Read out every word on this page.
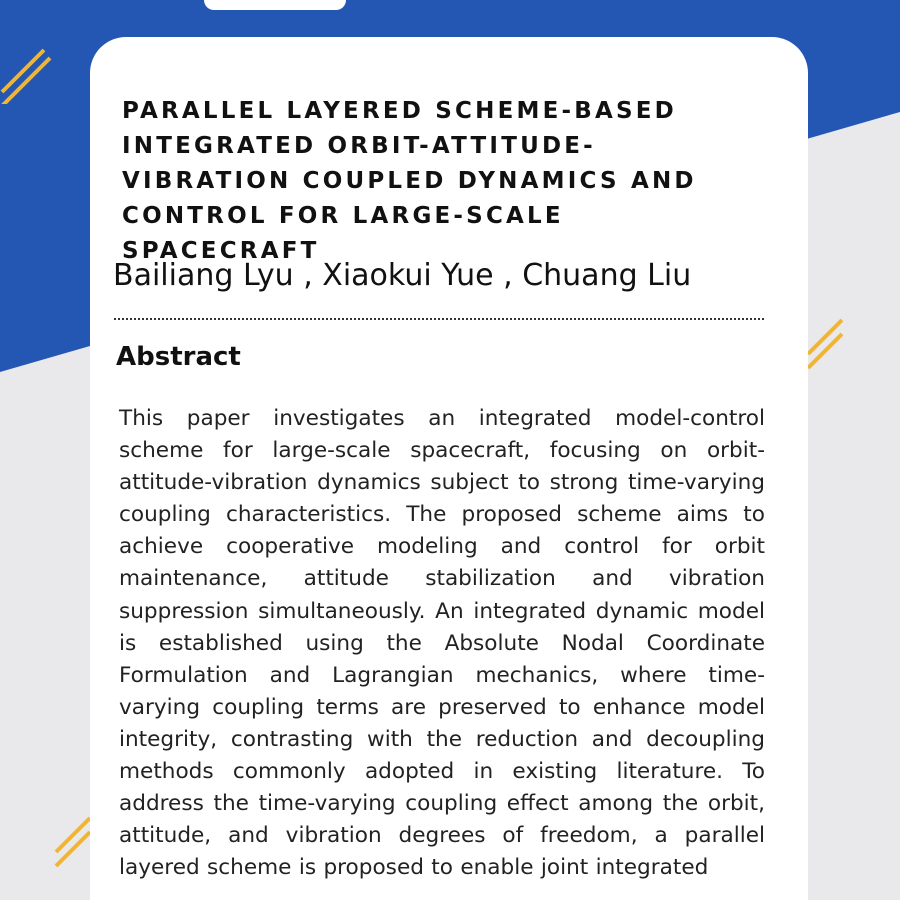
PARALLEL LAYERED SCHEME-BASED INTEGRATED ORBIT-ATTITUDE-VIBRATION COUPLED DYNAMICS AND CONTROL FOR LARGE-SCALE SPACECRAFT
Bailiang Lyu , Xiaokui Yue , Chuang Liu
Abstract

This paper investigates an integrated model-control scheme for large-scale spacecraft, focusing on orbit-attitude-vibration dynamics subject to strong time-varying coupling characteristics. The proposed scheme aims to achieve cooperative modeling and control for orbit maintenance, attitude stabilization and vibration suppression simultaneously. An integrated dynamic model is established using the Absolute Nodal Coordinate Formulation and Lagrangian mechanics, where time-varying coupling terms are preserved to enhance model integrity, contrasting with the reduction and decoupling methods commonly adopted in existing literature. To address the time-varying coupling effect among the orbit, attitude, and vibration degrees of freedom, a parallel layered scheme is proposed to enable joint integrated
